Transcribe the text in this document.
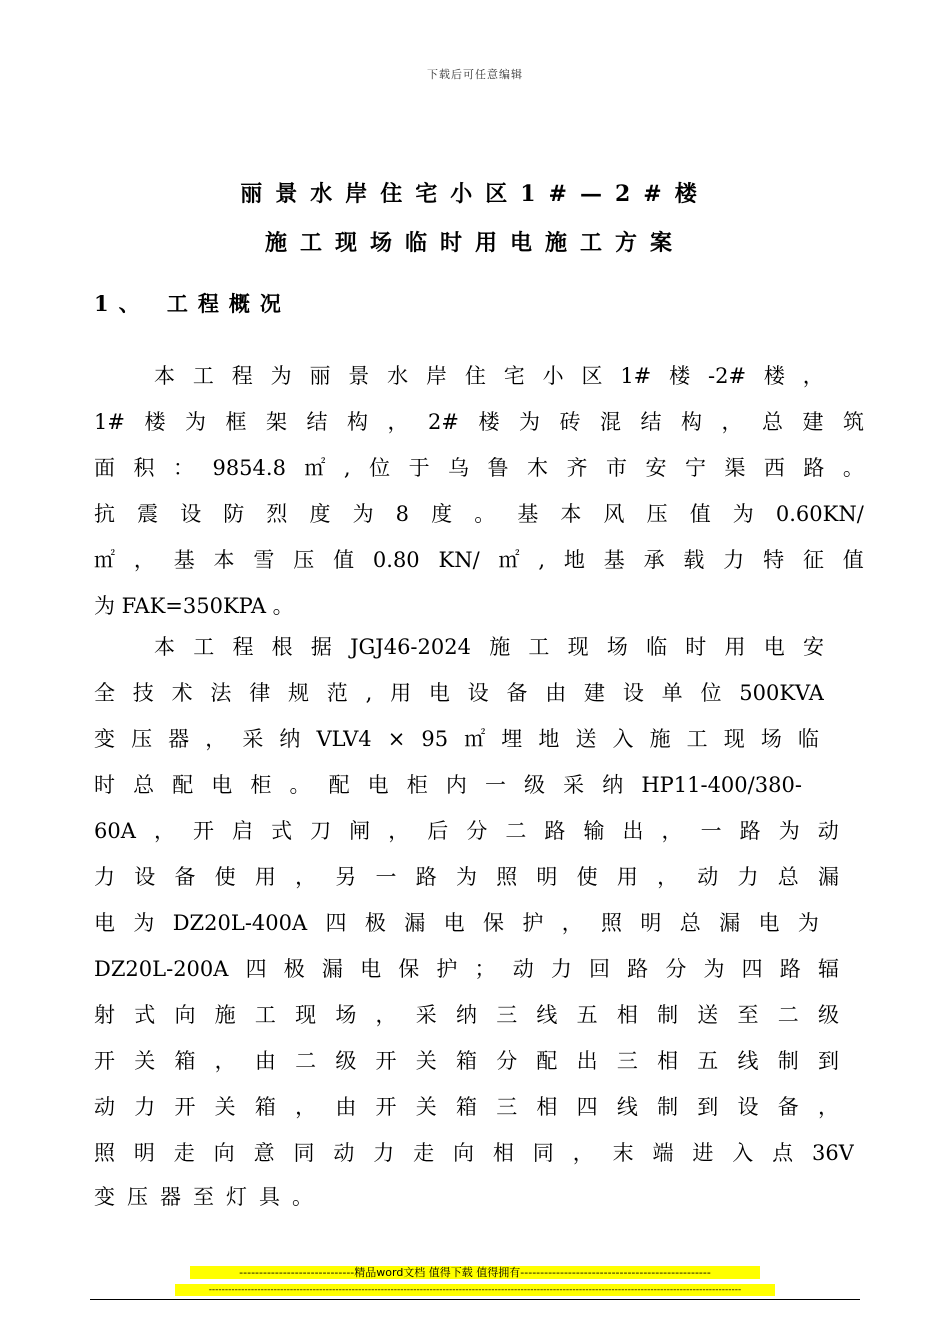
下载后可任意编辑
丽景水岸住宅小区1#—2#楼
施工现场临时用电施工方案
1、 工程概况
本 工 程 为 丽 景 水 岸 住 宅 小 区 1# 楼 -2# 楼 ，
1# 楼 为 框 架 结 构 ， 2# 楼 为 砖 混 结 构 ， 总 建 筑
面 积 ： 9854.8 ㎡ , 位 于 乌 鲁 木 齐 市 安 宁 渠 西 路 。
抗 震 设 防 烈 度 为 8 度 。 基 本 风 压 值 为 0.60KN/
㎡ ， 基 本 雪 压 值 0.80 KN/ ㎡ , 地 基 承 载 力 特 征 值
为 FAK=350KPA 。
本 工 程 根 据 JGJ46-2024 施 工 现 场 临 时 用 电 安
全 技 术 法 律 规 范 , 用 电 设 备 由 建 设 单 位 500KVA
变 压 器 ， 采 纳 VLV4 × 95 ㎡ 埋 地 送 入 施 工 现 场 临
时 总 配 电 柜 。 配 电 柜 内 一 级 采 纳 HP11-400/380-
60A ， 开 启 式 刀 闸 ， 后 分 二 路 输 出 ， 一 路 为 动
力 设 备 使 用 ， 另 一 路 为 照 明 使 用 ， 动 力 总 漏
电 为 DZ20L-400A 四 极 漏 电 保 护 ， 照 明 总 漏 电 为
DZ20L-200A 四 极 漏 电 保 护 ； 动 力 回 路 分 为 四 路 辐
射 式 向 施 工 现 场 ， 采 纳 三 线 五 相 制 送 至 二 级
开 关 箱 ， 由 二 级 开 关 箱 分 配 出 三 相 五 线 制 到
动 力 开 关 箱 ， 由 开 关 箱 三 相 四 线 制 到 设 备 ，
照 明 走 向 意 同 动 力 走 向 相 同 ， 末 端 进 入 点 36V
变压器至灯具。
-----------------------------精品word文档 值得下载 值得拥有------------------------------------------------
--------------------------------------------------------------------------------------------------------------------------------------------------------------------
